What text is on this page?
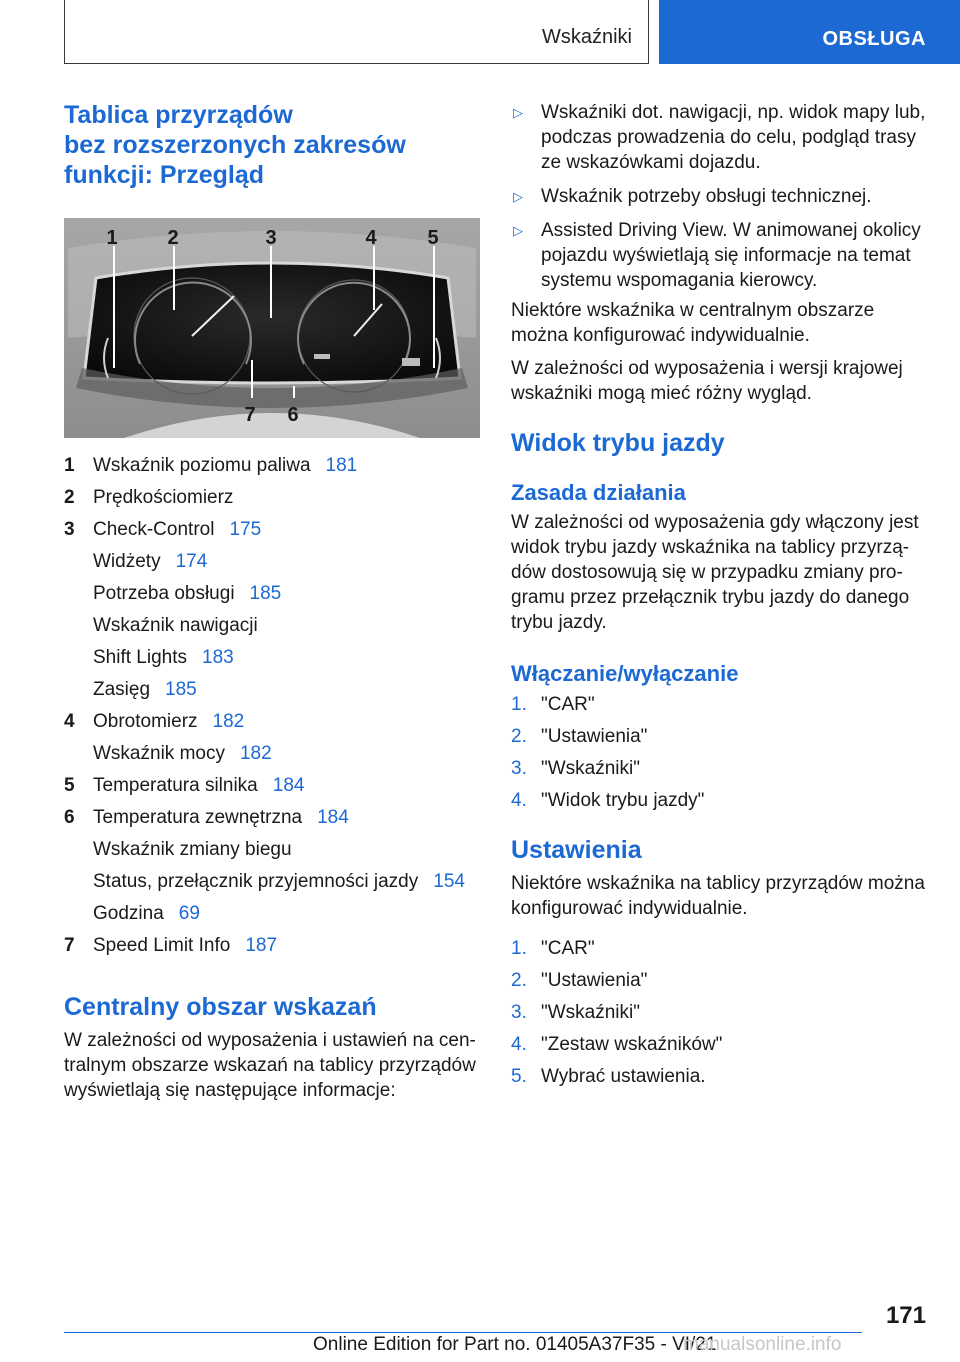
Wskaźniki	OBSŁUGA
Tablica przyrządów
bez rozszerzonych zakresów
funkcji: Przegląd
1 2	3	4	5
7 6
1 Wskaźnik poziomu paliwa 181
2 Prędkościomierz
3 Check-Control 175
Widżety 174
Potrzeba obsługi 185
Wskaźnik nawigacji
Shift Lights 183
Zasięg 185
4 Obrotomierz 182
Wskaźnik mocy 182
5 Temperatura silnika 184
6 Temperatura zewnętrzna 184
Wskaźnik zmiany biegu
Status, przełącznik przyjemności jazdy 154
Godzina 69
7 Speed Limit Info 187
Centralny obszar wskazań

W zależności od wyposażenia i ustawień na cen-tralnym obszarze wskazań na tablicy przyrządów wyświetlają się następujące informacje:

▷ Wskaźniki dot. nawigacji, np. widok mapy lub, podczas prowadzenia do celu, podgląd trasy ze wskazówkami dojazdu.
▷ Wskaźnik potrzeby obsługi technicznej.
▷ Assisted Driving View. W animowanej okolicy pojazdu wyświetlają się informacje na temat systemu wspomagania kierowcy.

Niektóre wskaźnika w centralnym obszarze można konfigurować indywidualnie.

W zależności od wyposażenia i wersji krajowej wskaźniki mogą mieć różny wygląd.

Widok trybu jazdy
Zasada działania

W zależności od wyposażenia gdy włączony jest widok trybu jazdy wskaźnika na tablicy przyrzą-dów dostosowują się w przypadku zmiany pro-gramu przez przełącznik trybu jazdy do danego trybu jazdy.

Włączanie/wyłączanie
1. "CAR"
2. "Ustawienia"
3. "Wskaźniki"
4. "Widok trybu jazdy"
Ustawienia

Niektóre wskaźnika na tablicy przyrządów można konfigurować indywidualnie.

1. "CAR"
2. "Ustawienia"
3. "Wskaźniki"
4. "Zestaw wskaźników"
5. Wybrać ustawienia.
171
Online Edition for Part no. 01405A37F35 - VI/21
manualsonline.info
